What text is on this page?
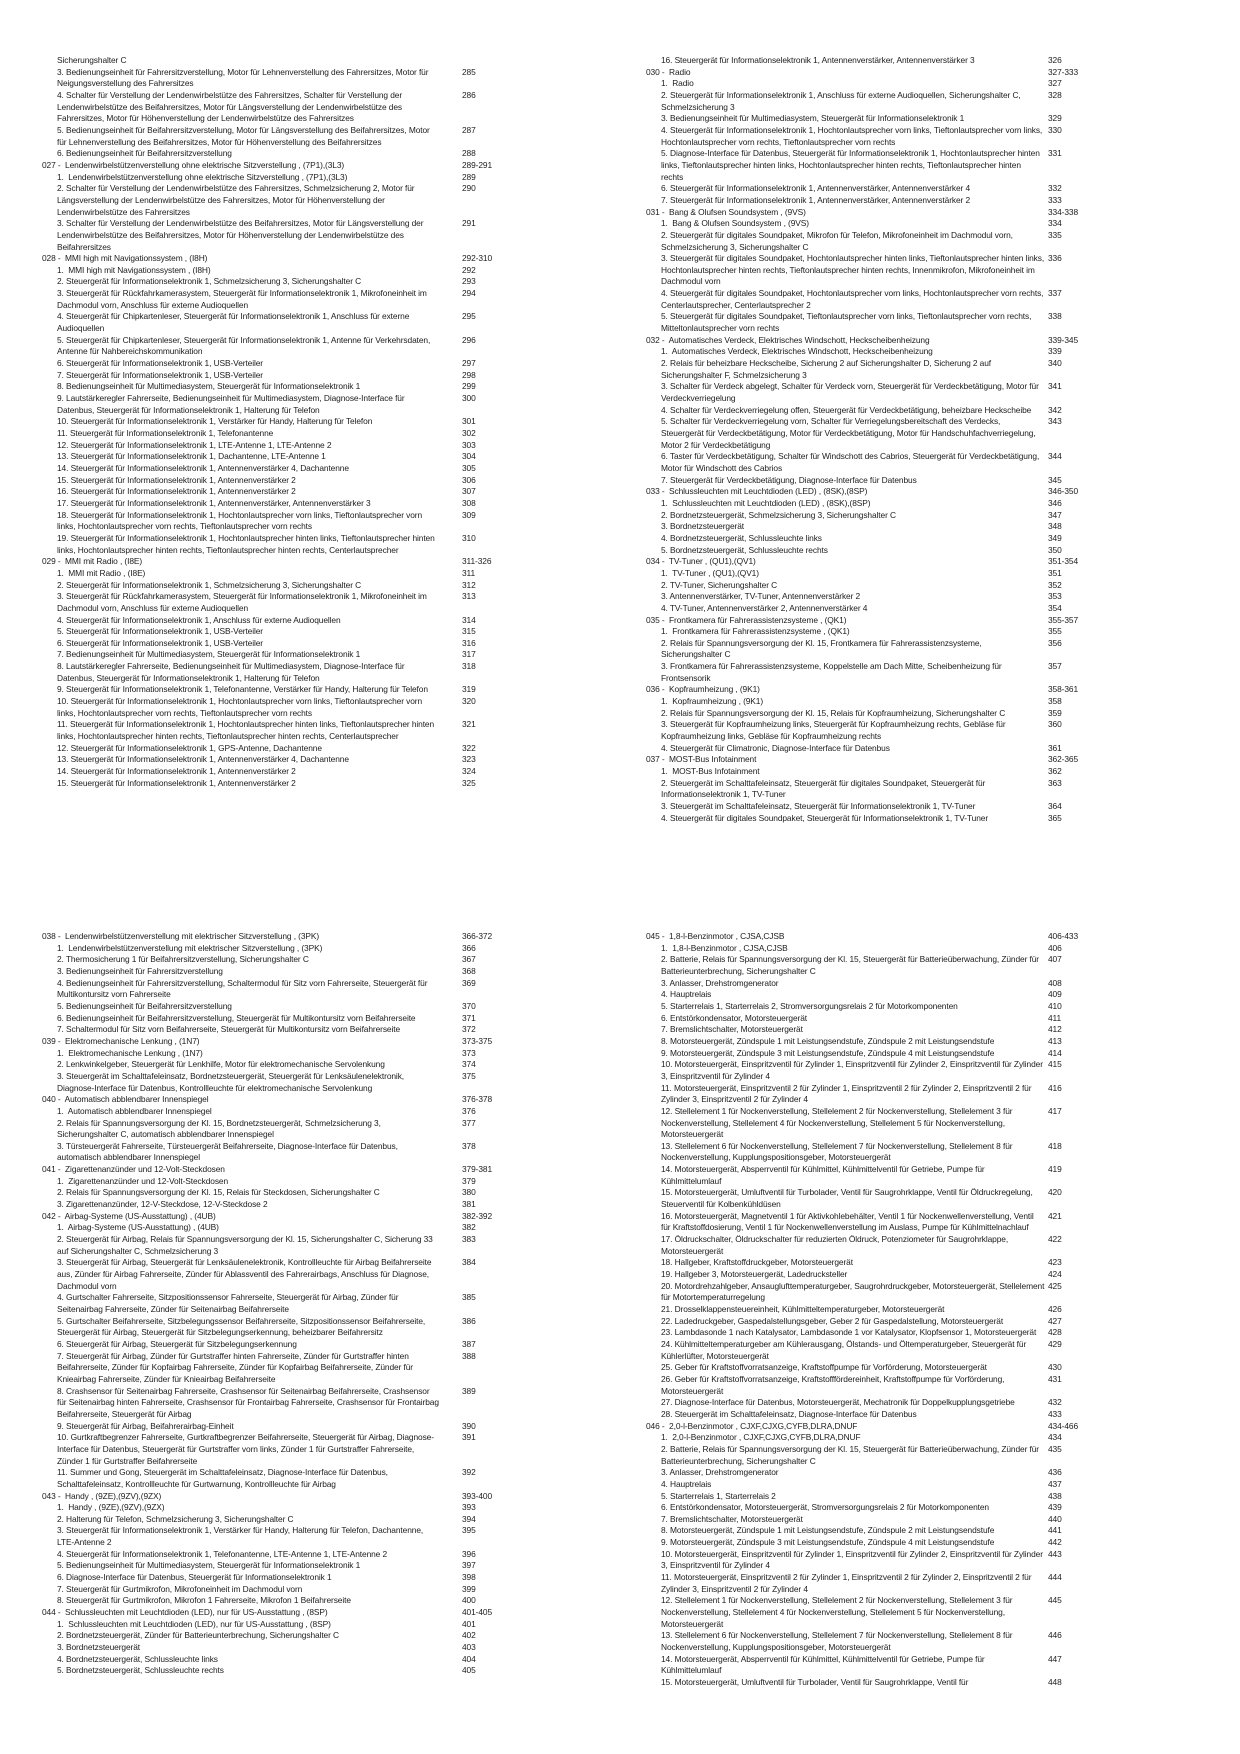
Sicherungshalter C
3. Bedienungseinheit für Fahrersitzverstellung, Motor für Lehnenverstellung des Fahrersitzes, Motor für Neigungsverstellung des Fahrersitzes
285
4. Schalter für Verstellung der Lendenwirbelstütze des Fahrersitzes, Schalter für Verstellung der Lendenwirbelstütze des Beifahrersitzes, Motor für Längsverstellung der Lendenwirbelstütze des Fahrersitzes, Motor für Höhenverstellung der Lendenwirbelstütze des Fahrersitzes
286
5. Bedienungseinheit für Beifahrersitzverstellung, Motor für Längsverstellung des Beifahrersitzes, Motor für Lehnenverstellung des Beifahrersitzes, Motor für Höhenverstellung des Beifahrersitzes
287
6. Bedienungseinheit für Beifahrersitzverstellung	288
027 -  Lendenwirbelstützenverstellung ohne elektrische Sitzverstellung , (7P1),(3L3)	289-291
1.  Lendenwirbelstützenverstellung ohne elektrische Sitzverstellung , (7P1),(3L3)	289
2. Schalter für Verstellung der Lendenwirbelstütze des Fahrersitzes, Schmelzsicherung 2, Motor für Längsverstellung der Lendenwirbelstütze des Fahrersitzes, Motor für Höhenverstellung der Lendenwirbelstütze des Fahrersitzes
290
3. Schalter für Verstellung der Lendenwirbelstütze des Beifahrersitzes, Motor für Längsverstellung der Lendenwirbelstütze des Beifahrersitzes, Motor für Höhenverstellung der Lendenwirbelstütze des Beifahrersitzes
291
028 -  MMI high mit Navigationssystem , (I8H)	292-310
1.  MMI high mit Navigationssystem , (I8H)	292
2. Steuergerät für Informationselektronik 1, Schmelzsicherung 3, Sicherungshalter C	293
3. Steuergerät für Rückfahrkamerasystem, Steuergerät für Informationselektronik 1, Mikrofoneinheit im Dachmodul vorn, Anschluss für externe Audioquellen
294
4. Steuergerät für Chipkartenleser, Steuergerät für Informationselektronik 1, Anschluss für externe Audioquellen
295
5. Steuergerät für Chipkartenleser, Steuergerät für Informationselektronik 1, Antenne für Verkehrsdaten, Antenne für Nahbereichskommunikation
296
6. Steuergerät für Informationselektronik 1, USB-Verteiler	297
7. Steuergerät für Informationselektronik 1, USB-Verteiler	298
8. Bedienungseinheit für Multimediasystem, Steuergerät für Informationselektronik 1	299
9. Lautstärkeregler Fahrerseite, Bedienungseinheit für Multimediasystem, Diagnose-Interface für Datenbus, Steuergerät für Informationselektronik 1, Halterung für Telefon
300
10. Steuergerät für Informationselektronik 1, Verstärker für Handy, Halterung für Telefon	301
11. Steuergerät für Informationselektronik 1, Telefonantenne	302
12. Steuergerät für Informationselektronik 1, LTE-Antenne 1, LTE-Antenne 2	303
13. Steuergerät für Informationselektronik 1, Dachantenne, LTE-Antenne 1	304
14. Steuergerät für Informationselektronik 1, Antennenverstärker 4, Dachantenne	305
15. Steuergerät für Informationselektronik 1, Antennenverstärker 2	306
16. Steuergerät für Informationselektronik 1, Antennenverstärker 2	307
17. Steuergerät für Informationselektronik 1, Antennenverstärker, Antennenverstärker 3	308
18. Steuergerät für Informationselektronik 1, Hochtonlautsprecher vorn links, Tieftonlautsprecher vorn links, Hochtonlautsprecher vorn rechts, Tieftonlautsprecher vorn rechts
309
19. Steuergerät für Informationselektronik 1, Hochtonlautsprecher hinten links, Tieftonlautsprecher hinten links, Hochtonlautsprecher hinten rechts, Tieftonlautsprecher hinten rechts, Centerlautsprecher
310
029 -  MMI mit Radio , (I8E)	311-326
1.  MMI mit Radio , (I8E)	311
2. Steuergerät für Informationselektronik 1, Schmelzsicherung 3, Sicherungshalter C	312
3. Steuergerät für Rückfahrkamerasystem, Steuergerät für Informationselektronik 1, Mikrofoneinheit im Dachmodul vorn, Anschluss für externe Audioquellen
313
4. Steuergerät für Informationselektronik 1, Anschluss für externe Audioquellen	314
5. Steuergerät für Informationselektronik 1, USB-Verteiler	315
6. Steuergerät für Informationselektronik 1, USB-Verteiler	316
7. Bedienungseinheit für Multimediasystem, Steuergerät für Informationselektronik 1	317
8. Lautstärkeregler Fahrerseite, Bedienungseinheit für Multimediasystem, Diagnose-Interface für Datenbus, Steuergerät für Informationselektronik 1, Halterung für Telefon
318
9. Steuergerät für Informationselektronik 1, Telefonantenne, Verstärker für Handy, Halterung für Telefon	319
10. Steuergerät für Informationselektronik 1, Hochtonlautsprecher vorn links, Tieftonlautsprecher vorn links, Hochtonlautsprecher vorn rechts, Tieftonlautsprecher vorn rechts
320
11. Steuergerät für Informationselektronik 1, Hochtonlautsprecher hinten links, Tieftonlautsprecher hinten links, Hochtonlautsprecher hinten rechts, Tieftonlautsprecher hinten rechts, Centerlautsprecher
321
12. Steuergerät für Informationselektronik 1, GPS-Antenne, Dachantenne	322
13. Steuergerät für Informationselektronik 1, Antennenverstärker 4, Dachantenne	323
14. Steuergerät für Informationselektronik 1, Antennenverstärker 2	324
15. Steuergerät für Informationselektronik 1, Antennenverstärker 2	325
16. Steuergerät für Informationselektronik 1, Antennenverstärker, Antennenverstärker 3	326
030 -  Radio	327-333
1.  Radio	327
2. Steuergerät für Informationselektronik 1, Anschluss für externe Audioquellen, Sicherungshalter C, Schmelzsicherung 3
328
3. Bedienungseinheit für Multimediasystem, Steuergerät für Informationselektronik 1	329
4. Steuergerät für Informationselektronik 1, Hochtonlautsprecher vorn links, Tieftonlautsprecher vorn links, Hochtonlautsprecher vorn rechts, Tieftonlautsprecher vorn rechts
330
5. Diagnose-Interface für Datenbus, Steuergerät für Informationselektronik 1, Hochtonlautsprecher hinten links, Tieftonlautsprecher hinten links, Hochtonlautsprecher hinten rechts, Tieftonlautsprecher hinten rechts
331
6. Steuergerät für Informationselektronik 1, Antennenverstärker, Antennenverstärker 4	332
7. Steuergerät für Informationselektronik 1, Antennenverstärker, Antennenverstärker 2	333
031 -  Bang & Olufsen Soundsystem , (9VS)	334-338
1.  Bang & Olufsen Soundsystem , (9VS)	334
2. Steuergerät für digitales Soundpaket, Mikrofon für Telefon, Mikrofoneinheit im Dachmodul vorn, Schmelzsicherung 3, Sicherungshalter C
335
3. Steuergerät für digitales Soundpaket, Hochtonlautsprecher hinten links, Tieftonlautsprecher hinten links, Hochtonlautsprecher hinten rechts, Tieftonlautsprecher hinten rechts, Innenmikrofon, Mikrofoneinheit im Dachmodul vorn
336
4. Steuergerät für digitales Soundpaket, Hochtonlautsprecher vorn links, Hochtonlautsprecher vorn rechts, Centerlautsprecher, Centerlautsprecher 2
337
5. Steuergerät für digitales Soundpaket, Tieftonlautsprecher vorn links, Tieftonlautsprecher vorn rechts, Mitteltonlautsprecher vorn rechts
338
032 -  Automatisches Verdeck, Elektrisches Windschott, Heckscheibenheizung	339-345
1.  Automatisches Verdeck, Elektrisches Windschott, Heckscheibenheizung	339
2. Relais für beheizbare Heckscheibe, Sicherung 2 auf Sicherungshalter D, Sicherung 2 auf Sicherungshalter F, Schmelzsicherung 3
340
3. Schalter für Verdeck abgelegt, Schalter für Verdeck vorn, Steuergerät für Verdeckbetätigung, Motor für Verdeckverriegelung
341
4. Schalter für Verdeckverriegelung offen, Steuergerät für Verdeckbetätigung, beheizbare Heckscheibe	342
5. Schalter für Verdeckverriegelung vorn, Schalter für Verriegelungsbereitschaft des Verdecks, Steuergerät für Verdeckbetätigung, Motor für Verdeckbetätigung, Motor für Handschuhfachverriegelung, Motor 2 für Verdeckbetätigung
343
6. Taster für Verdeckbetätigung, Schalter für Windschott des Cabrios, Steuergerät für Verdeckbetätigung, Motor für Windschott des Cabrios
344
7. Steuergerät für Verdeckbetätigung, Diagnose-Interface für Datenbus	345
033 -  Schlussleuchten mit Leuchtdioden (LED) , (8SK),(8SP)	346-350
1.  Schlussleuchten mit Leuchtdioden (LED) , (8SK),(8SP)	346
2. Bordnetzsteuergerät, Schmelzsicherung 3, Sicherungshalter C	347
3. Bordnetzsteuergerät	348
4. Bordnetzsteuergerät, Schlussleuchte links	349
5. Bordnetzsteuergerät, Schlussleuchte rechts	350
034 -  TV-Tuner , (QU1),(QV1)	351-354
1.  TV-Tuner , (QU1),(QV1)	351
2. TV-Tuner, Sicherungshalter C	352
3. Antennenverstärker, TV-Tuner, Antennenverstärker 2	353
4. TV-Tuner, Antennenverstärker 2, Antennenverstärker 4	354
035 -  Frontkamera für Fahrerassistenzsysteme , (QK1)	355-357
1.  Frontkamera für Fahrerassistenzsysteme , (QK1)	355
2. Relais für Spannungsversorgung der Kl. 15, Frontkamera für Fahrerassistenzsysteme, Sicherungshalter C
356
3. Frontkamera für Fahrerassistenzsysteme, Koppelstelle am Dach Mitte, Scheibenheizung für Frontsensorik
357
036 -  Kopfraumheizung , (9K1)	358-361
1.  Kopfraumheizung , (9K1)	358
2. Relais für Spannungsversorgung der Kl. 15, Relais für Kopfraumheizung, Sicherungshalter C	359
3. Steuergerät für Kopfraumheizung links, Steuergerät für Kopfraumheizung rechts, Gebläse für Kopfraumheizung links, Gebläse für Kopfraumheizung rechts
360
4. Steuergerät für Climatronic, Diagnose-Interface für Datenbus	361
037 -  MOST-Bus Infotainment	362-365
1.  MOST-Bus Infotainment	362
2. Steuergerät im Schalttafeleinsatz, Steuergerät für digitales Soundpaket, Steuergerät für Informationselektronik 1, TV-Tuner
363
3. Steuergerät im Schalttafeleinsatz, Steuergerät für Informationselektronik 1, TV-Tuner	364
4. Steuergerät für digitales Soundpaket, Steuergerät für Informationselektronik 1, TV-Tuner	365
038 -  Lendenwirbelstützenverstellung mit elektrischer Sitzverstellung , (3PK)	366-372
1.  Lendenwirbelstützenverstellung mit elektrischer Sitzverstellung , (3PK)	366
2. Thermosicherung 1 für Beifahrersitzverstellung, Sicherungshalter C	367
3. Bedienungseinheit für Fahrersitzverstellung	368
4. Bedienungseinheit für Fahrersitzverstellung, Schaltermodul für Sitz vorn Fahrerseite, Steuergerät für Multikontursitz vorn Fahrerseite
369
5. Bedienungseinheit für Beifahrersitzverstellung	370
6. Bedienungseinheit für Beifahrersitzverstellung, Steuergerät für Multikontursitz vorn Beifahrerseite	371
7. Schaltermodul für Sitz vorn Beifahrerseite, Steuergerät für Multikontursitz vorn Beifahrerseite	372
039 -  Elektromechanische Lenkung , (1N7)	373-375
1.  Elektromechanische Lenkung , (1N7)	373
2. Lenkwinkelgeber, Steuergerät für Lenkhilfe, Motor für elektromechanische Servolenkung	374
3. Steuergerät im Schalttafeleinsatz, Bordnetzsteuergerät, Steuergerät für Lenksäulenelektronik, Diagnose-Interface für Datenbus, Kontrollleuchte für elektromechanische Servolenkung
375
040 -  Automatisch abblendbarer Innenspiegel	376-378
1.  Automatisch abblendbarer Innenspiegel	376
2. Relais für Spannungsversorgung der Kl. 15, Bordnetzsteuergerät, Schmelzsicherung 3, Sicherungshalter C, automatisch abblendbarer Innenspiegel
377
3. Türsteuergerät Fahrerseite, Türsteuergerät Beifahrerseite, Diagnose-Interface für Datenbus, automatisch abblendbarer Innenspiegel
378
041 -  Zigarettenanzünder und 12-Volt-Steckdosen	379-381
1.  Zigarettenanzünder und 12-Volt-Steckdosen	379
2. Relais für Spannungsversorgung der Kl. 15, Relais für Steckdosen, Sicherungshalter C	380
3. Zigarettenanzünder, 12-V-Steckdose, 12-V-Steckdose 2	381
042 -  Airbag-Systeme (US-Ausstattung) , (4UB)	382-392
1.  Airbag-Systeme (US-Ausstattung) , (4UB)	382
2. Steuergerät für Airbag, Relais für Spannungsversorgung der Kl. 15, Sicherungshalter C, Sicherung 33 auf Sicherungshalter C, Schmelzsicherung 3
383
3. Steuergerät für Airbag, Steuergerät für Lenksäulenelektronik, Kontrollleuchte für Airbag Beifahrerseite aus, Zünder für Airbag Fahrerseite, Zünder für Ablassventil des Fahrerairbags, Anschluss für Diagnose, Dachmodul vorn
384
4. Gurtschalter Fahrerseite, Sitzpositionssensor Fahrerseite, Steuergerät für Airbag, Zünder für Seitenairbag Fahrerseite, Zünder für Seitenairbag Beifahrerseite
385
5. Gurtschalter Beifahrerseite, Sitzbelegungssensor Beifahrerseite, Sitzpositionssensor Beifahrerseite, Steuergerät für Airbag, Steuergerät für Sitzbelegungserkennung, beheizbarer Beifahrersitz
386
6. Steuergerät für Airbag, Steuergerät für Sitzbelegungserkennung	387
7. Steuergerät für Airbag, Zünder für Gurtstraffer hinten Fahrerseite, Zünder für Gurtstraffer hinten Beifahrerseite, Zünder für Kopfairbag Fahrerseite, Zünder für Kopfairbag Beifahrerseite, Zünder für Knieairbag Fahrerseite, Zünder für Knieairbag Beifahrerseite
388
8. Crashsensor für Seitenairbag Fahrerseite, Crashsensor für Seitenairbag Beifahrerseite, Crashsensor für Seitenairbag hinten Fahrerseite, Crashsensor für Frontairbag Fahrerseite, Crashsensor für Frontairbag Beifahrerseite, Steuergerät für Airbag
389
9. Steuergerät für Airbag, Beifahrerairbag-Einheit	390
10. Gurtkraftbegrenzer Fahrerseite, Gurtkraftbegrenzer Beifahrerseite, Steuergerät für Airbag, Diagnose-Interface für Datenbus, Steuergerät für Gurtstraffer vorn links, Zünder 1 für Gurtstraffer Fahrerseite, Zünder 1 für Gurtstraffer Beifahrerseite
391
11. Summer und Gong, Steuergerät im Schalttafeleinsatz, Diagnose-Interface für Datenbus, Schalttafeleinsatz, Kontrollleuchte für Gurtwarnung, Kontrollleuchte für Airbag
392
043 -  Handy , (9ZE),(9ZV),(9ZX)	393-400
1.  Handy , (9ZE),(9ZV),(9ZX)	393
2. Halterung für Telefon, Schmelzsicherung 3, Sicherungshalter C	394
3. Steuergerät für Informationselektronik 1, Verstärker für Handy, Halterung für Telefon, Dachantenne, LTE-Antenne 2
395
4. Steuergerät für Informationselektronik 1, Telefonantenne, LTE-Antenne 1, LTE-Antenne 2	396
5. Bedienungseinheit für Multimediasystem, Steuergerät für Informationselektronik 1	397
6. Diagnose-Interface für Datenbus, Steuergerät für Informationselektronik 1	398
7. Steuergerät für Gurtmikrofon, Mikrofoneinheit im Dachmodul vorn	399
8. Steuergerät für Gurtmikrofon, Mikrofon 1 Fahrerseite, Mikrofon 1 Beifahrerseite	400
044 -  Schlussleuchten mit Leuchtdioden (LED), nur für US-Ausstattung , (8SP)	401-405
1.  Schlussleuchten mit Leuchtdioden (LED), nur für US-Ausstattung , (8SP)	401
2. Bordnetzsteuergerät, Zünder für Batterieunterbrechung, Sicherungshalter C	402
3. Bordnetzsteuergerät	403
4. Bordnetzsteuergerät, Schlussleuchte links	404
5. Bordnetzsteuergerät, Schlussleuchte rechts	405
045 -  1,8-l-Benzinmotor , CJSA,CJSB	406-433
1.  1,8-l-Benzinmotor , CJSA,CJSB	406
2. Batterie, Relais für Spannungsversorgung der Kl. 15, Steuergerät für Batterieüberwachung, Zünder für Batterieunterbrechung, Sicherungshalter C
407
3. Anlasser, Drehstromgenerator	408
4. Hauptrelais	409
5. Starterrelais 1, Starterrelais 2, Stromversorgungsrelais 2 für Motorkomponenten	410
6. Entstörkondensator, Motorsteuergerät	411
7. Bremslichtschalter, Motorsteuergerät	412
8. Motorsteuergerät, Zündspule 1 mit Leistungsendstufe, Zündspule 2 mit Leistungsendstufe	413
9. Motorsteuergerät, Zündspule 3 mit Leistungsendstufe, Zündspule 4 mit Leistungsendstufe	414
10. Motorsteuergerät, Einspritzventil für Zylinder 1, Einspritzventil für Zylinder 2, Einspritzventil für Zylinder 3, Einspritzventil für Zylinder 4
415
11. Motorsteuergerät, Einspritzventil 2 für Zylinder 1, Einspritzventil 2 für Zylinder 2, Einspritzventil 2 für Zylinder 3, Einspritzventil 2 für Zylinder 4
416
12. Stellelement 1 für Nockenverstellung, Stellelement 2 für Nockenverstellung, Stellelement 3 für Nockenverstellung, Stellelement 4 für Nockenverstellung, Stellelement 5 für Nockenverstellung, Motorsteuergerät
417
13. Stellelement 6 für Nockenverstellung, Stellelement 7 für Nockenverstellung, Stellelement 8 für Nockenverstellung, Kupplungspositionsgeber, Motorsteuergerät
418
14. Motorsteuergerät, Absperrventil für Kühlmittel, Kühlmittelventil für Getriebe, Pumpe für Kühlmittelumlauf
419
15. Motorsteuergerät, Umluftventil für Turbolader, Ventil für Saugrohrklappe, Ventil für Öldruckregelung, Steuerventil für Kolbenkühldüsen
420
16. Motorsteuergerät, Magnetventil 1 für Aktivkohlebehälter, Ventil 1 für Nockenwellenverstellung, Ventil für Kraftstoffdosierung, Ventil 1 für Nockenwellenverstellung im Auslass, Pumpe für Kühlmittelnachlauf
421
17. Öldruckschalter, Öldruckschalter für reduzierten Öldruck, Potenziometer für Saugrohrklappe, Motorsteuergerät
422
18. Hallgeber, Kraftstoffdruckgeber, Motorsteuergerät	423
19. Hallgeber 3, Motorsteuergerät, Ladedrucksteller	424
20. Motordrehzahlgeber, Ansauglufttemperaturgeber, Saugrohrdruckgeber, Motorsteuergerät, Stellelement für Motortemperaturregelung
425
21. Drosselklappensteuereinheit, Kühlmitteltemperaturgeber, Motorsteuergerät	426
22. Ladedruckgeber, Gaspedalstellungsgeber, Geber 2 für Gaspedalstellung, Motorsteuergerät	427
23. Lambdasonde 1 nach Katalysator, Lambdasonde 1 vor Katalysator, Klopfsensor 1, Motorsteuergerät	428
24. Kühlmitteltemperaturgeber am Kühlerausgang, Ölstands- und Öltemperaturgeber, Steuergerät für Kühlerlüfter, Motorsteuergerät
429
25. Geber für Kraftstoffvorratsanzeige, Kraftstoffpumpe für Vorförderung, Motorsteuergerät	430
26. Geber für Kraftstoffvorratsanzeige, Kraftstofffördereinheit, Kraftstoffpumpe für Vorförderung, Motorsteuergerät
431
27. Diagnose-Interface für Datenbus, Motorsteuergerät, Mechatronik für Doppelkupplungsgetriebe	432
28. Steuergerät im Schalttafeleinsatz, Diagnose-Interface für Datenbus	433
046 -  2,0-l-Benzinmotor , CJXF,CJXG,CYFB,DLRA,DNUF	434-466
1.  2,0-l-Benzinmotor , CJXF,CJXG,CYFB,DLRA,DNUF	434
2. Batterie, Relais für Spannungsversorgung der Kl. 15, Steuergerät für Batterieüberwachung, Zünder für Batterieunterbrechung, Sicherungshalter C
435
3. Anlasser, Drehstromgenerator	436
4. Hauptrelais	437
5. Starterrelais 1, Starterrelais 2	438
6. Entstörkondensator, Motorsteuergerät, Stromversorgungsrelais 2 für Motorkomponenten	439
7. Bremslichtschalter, Motorsteuergerät	440
8. Motorsteuergerät, Zündspule 1 mit Leistungsendstufe, Zündspule 2 mit Leistungsendstufe	441
9. Motorsteuergerät, Zündspule 3 mit Leistungsendstufe, Zündspule 4 mit Leistungsendstufe	442
10. Motorsteuergerät, Einspritzventil für Zylinder 1, Einspritzventil für Zylinder 2, Einspritzventil für Zylinder 3, Einspritzventil für Zylinder 4
443
11. Motorsteuergerät, Einspritzventil 2 für Zylinder 1, Einspritzventil 2 für Zylinder 2, Einspritzventil 2 für Zylinder 3, Einspritzventil 2 für Zylinder 4
444
12. Stellelement 1 für Nockenverstellung, Stellelement 2 für Nockenverstellung, Stellelement 3 für Nockenverstellung, Stellelement 4 für Nockenverstellung, Stellelement 5 für Nockenverstellung, Motorsteuergerät
445
13. Stellelement 6 für Nockenverstellung, Stellelement 7 für Nockenverstellung, Stellelement 8 für Nockenverstellung, Kupplungspositionsgeber, Motorsteuergerät
446
14. Motorsteuergerät, Absperrventil für Kühlmittel, Kühlmittelventil für Getriebe, Pumpe für Kühlmittelumlauf
447
15. Motorsteuergerät, Umluftventil für Turbolader, Ventil für Saugrohrklappe, Ventil für	448
